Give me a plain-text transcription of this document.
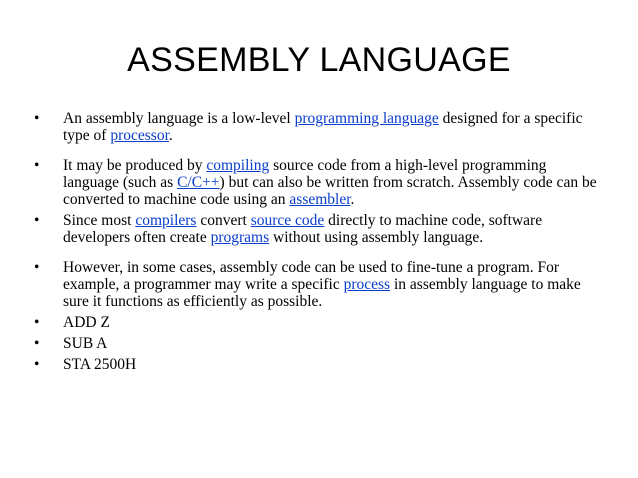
ASSEMBLY LANGUAGE
• An assembly language is a low-level programming language designed for a specific type of processor.
• It may be produced by compiling source code from a high-level programming language (such as C/C++) but can also be written from scratch. Assembly code can be converted to machine code using an assembler.
• Since most compilers convert source code directly to machine code, software developers often create programs without using assembly language.
• However, in some cases, assembly code can be used to fine-tune a program. For example, a programmer may write a specific process in assembly language to make sure it functions as efficiently as possible.
• ADD Z
• SUB A
• STA 2500H
